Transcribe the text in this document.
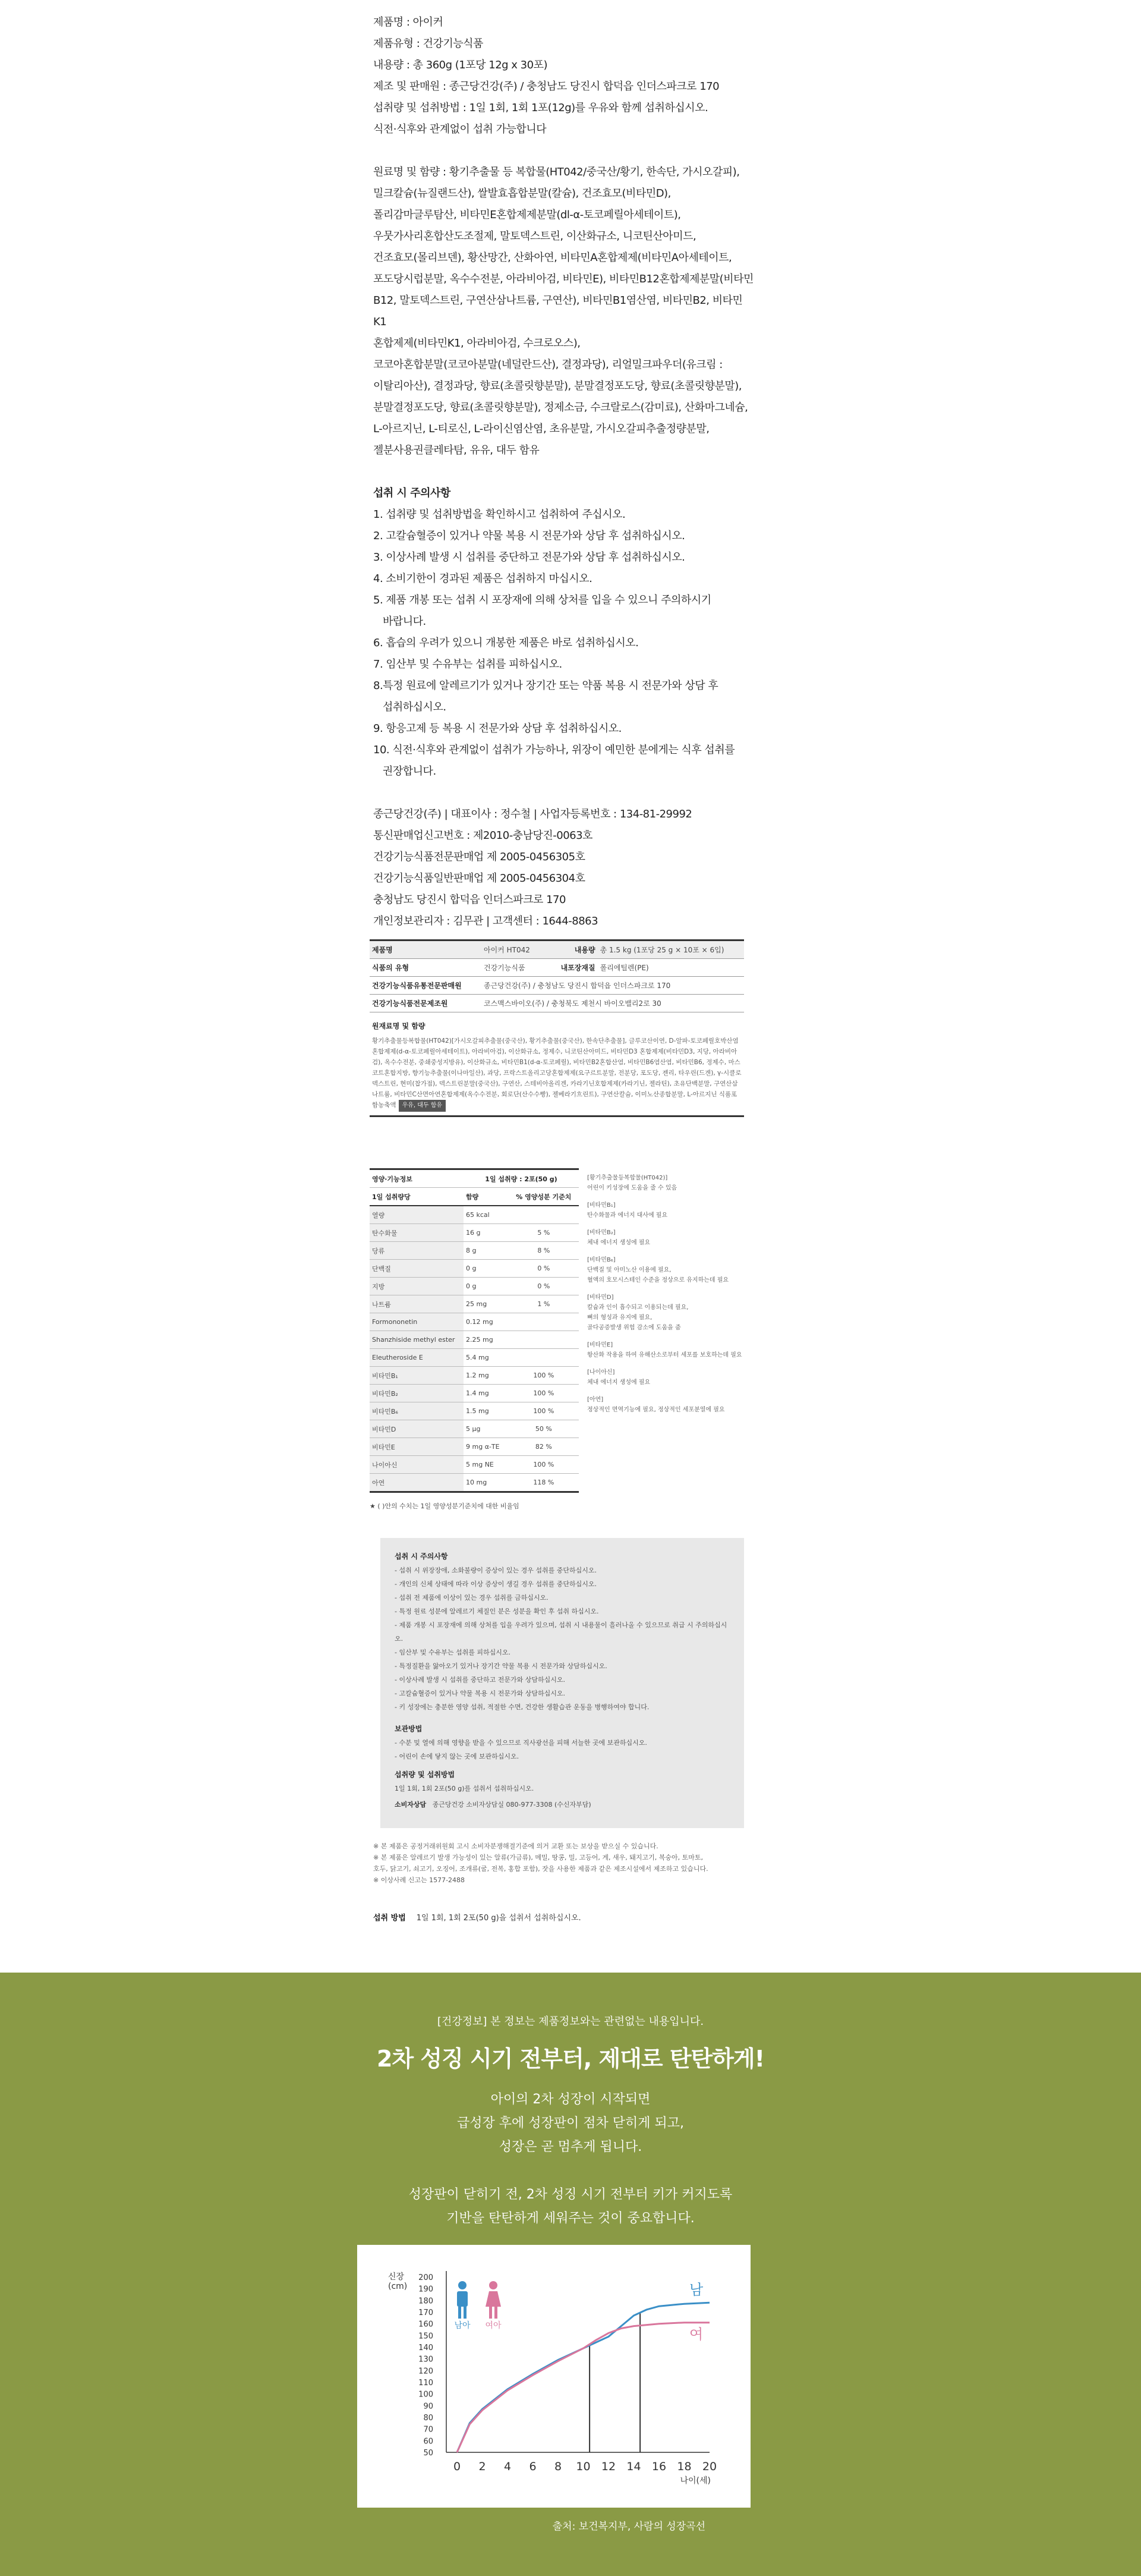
제품명 : 아이커

제품유형 : 건강기능식품

내용량 : 총 360g (1포당 12g x 30포)

제조 및 판매원 : 종근당건강(주) / 충청남도 당진시 합덕읍 인더스파크로 170

섭취량 및 섭취방법 : 1일 1회, 1회 1포(12g)를 우유와 함께 섭취하십시오.

식전·식후와 관계없이 섭취 가능합니다

원료명 및 함량 : 황기추출물 등 복합물(HT042/중국산/황기, 한속단, 가시오갈피),

밀크칼슘(뉴질랜드산), 쌀발효흡합분말(칼슘), 건조효모(비타민D),

폴리감마글루탐산, 비타민E혼합제제분말(dl-α-토코페릴아세테이트),

우뭇가사리혼합산도조절제, 말토덱스트린, 이산화규소, 니코틴산아미드,

건조효모(몰리브덴), 황산망간, 산화아연, 비타민A혼합제제(비타민A아세테이트,

포도당시럽분말, 옥수수전분, 아라비아검, 비타민E), 비타민B12혼합제제분말(비타민

B12, 말토덱스트린, 구연산삼나트륨, 구연산), 비타민B1염산염, 비타민B2, 비타민K1

혼합제제(비타민K1, 아라비아검, 수크로오스),

코코아혼합분말(코코아분말(네덜란드산), 결정과당), 리얼밀크파우더(유크림 :

이탈리아산), 결정과당, 향료(초콜릿향분말), 분말결정포도당, 향료(초콜릿향분말),

분말결정포도당, 향료(초콜릿향분말), 정제소금, 수크랄로스(감미료), 산화마그네슘,

L-아르지닌, L-티로신, L-라이신염산염, 초유분말, 가시오갈피추출정량분말,

젤분사용권클레타탐, 유유, 대두 함유

섭취 시 주의사항

1. 섭취량 및 섭취방법을 확인하시고 섭취하여 주십시오.

2. 고칼슘혈증이 있거나 약물 복용 시 전문가와 상담 후 섭취하십시오.

3. 이상사례 발생 시 섭취를 중단하고 전문가와 상담 후 섭취하십시오.

4. 소비기한이 경과된 제품은 섭취하지 마십시오.

5. 제품 개봉 또는 섭취 시 포장재에 의해 상처를 입을 수 있으니 주의하시기

바랍니다.

6. 흡습의 우려가 있으니 개봉한 제품은 바로 섭취하십시오.

7. 임산부 및 수유부는 섭취를 피하십시오.

8.특정 원료에 알레르기가 있거나 장기간 또는 약품 복용 시 전문가와 상담 후

섭취하십시오.

9. 항응고제 등 복용 시 전문가와 상담 후 섭취하십시오.

10. 식전·식후와 관계없이 섭취가 가능하나, 위장이 예민한 분에게는 식후 섭취를

권장합니다.

종근당건강(주) | 대표이사 : 정수철 | 사업자등록번호 : 134-81-29992

통신판매업신고번호 : 제2010-충남당진-0063호

건강기능식품전문판매업 제 2005-0456305호

건강기능식품일반판매업 제 2005-0456304호

충청남도 당진시 합덕읍 인더스파크로 170

개인정보관리자 : 김무관 | 고객센터 : 1644-8863

제품명	아이커 HT042	내용량	총 1.5 kg (1포당 25 g × 10포 × 6입)
식품의 유형	건강기능식품	내포장재질	폴리에틸렌(PE)
건강기능식품유통전문판매원	종근당건강(주) / 충청남도 당진시 합덕읍 인더스파크로 170		
건강기능식품전문제조원	코스맥스바이오(주) / 충청북도 제천시 바이오밸리2로 30		
원재료명 및 함량
황기추출물등복합물(HT042)[가시오갈피추출물(중국산), 황기추출물(중국산), 한속단추출물], 글루코산이연, D-알파-토코페릴호박산염혼합제제(d-α-토코페릴아세테이트), 아라비아검), 이산화규소, 정제수, 니코틴산아미드, 비타민D3 혼합제제(비타민D3, 지당, 아라비아검), 옥수수전분, 중쇄중성지방유), 이산화규소, 비타민B1(d-α-토코페릴), 비타민B2혼합산염, 비타민B6염산염, 비타민B6, 정제수, 마스코트혼합지방, 향기능추출물(이나마일산), 과당, 프락스트올리고당혼합제제(요구르트분말, 전분당, 포도당, 젠리, 타우린(드겐), γ-시클로덱스트린, 현미(찹가점), 덱스트린분말(중국산), 구연산, 스테비아올리겐, 카라기닌호합제제(카라기닌, 젤라틴), 초유단백분말, 구연산삼나트륨, 비타민C산면아연혼합제제(옥수수전분, 회로단(산수수빵), 젤베라기흐린트), 구연산칼슘, 이미노산종합분말, L-아르지닌 식품포함농축액 우유, 대두 함유
영양·기능정보	1일 섭취량 : 2포(50 g)	
1일 섭취량당	함량	% 영양성분 기준치
열량	65 kcal	
탄수화물	16 g	5 %
당류	8 g	8 %
단백질	0 g	0 %
지방	0 g	0 %
나트륨	25 mg	1 %
Formononetin	0.12 mg	
Shanzhiside methyl ester	2.25 mg	
Eleutheroside E	5.4 mg	
비타민B₁	1.2 mg	100 %
비타민B₂	1.4 mg	100 %
비타민B₆	1.5 mg	100 %
비타민D	5 μg	50 %
비타민E	9 mg α-TE	82 %
나이아신	5 mg NE	100 %
아연	10 mg	118 %
★ ( )안의 수치는 1일 영양성분기준치에 대한 비율임
[황기추출물등복합물(HT042)]
어린이 키성장에 도움을 줄 수 있음
[비타민B₁]
탄수화물과 에너지 대사에 필요
[비타민B₂]
체내 에너지 생성에 필요
[비타민B₆]
단백질 및 아미노산 이용에 필요,
혈액의 호모시스테인 수준을 정상으로 유지하는데 필요
[비타민D]
칼슘과 인이 흡수되고 이용되는데 필요,
뼈의 형성과 유지에 필요,
골다공증발생 위험 감소에 도움을 줌
[비타민E]
항산화 작용을 하여 유해산소로부터 세포를 보호하는데 필요
[나이아신]
체내 에너지 생성에 필요
[아연]
정상적인 면역기능에 필요, 정상적인 세포분열에 필요
섭취 시 주의사항
- 섭취 시 위장장애, 소화불량이 증상이 있는 경우 섭취를 중단하십시오.
- 개인의 신체 상태에 따라 이상 증상이 생길 경우 섭취를 중단하십시오.
- 섭취 전 제품에 이상이 있는 경우 섭취를 금하십시오.
- 특정 원료 성분에 알레르기 체질인 분은 성분을 확인 후 섭취 하십시오.
- 제품 개봉 시 포장재에 의해 상처를 입을 우려가 있으며, 섭취 시 내용물이 흘러나올 수 있으므로 취급 시 주의하십시오.
- 임산부 및 수유부는 섭취를 피하십시오.
- 특정질환을 앓아오기 있거나 장기간 약물 복용 시 전문가와 상담하십시오.
- 이상사례 발생 시 섭취를 중단하고 전문가와 상담하십시오.
- 고칼슘혈증이 있거나 약물 복용 시 전문가와 상담하십시오.
- 키 성장에는 충분한 영양 섭취, 적절한 수면, 건강한 생활습관 운동을 병행하여야 합니다.
보관방법
- 수분 및 열에 의해 영향을 받을 수 있으므로 직사광선을 피해 서늘한 곳에 보관하십시오.
- 어린이 손에 닿지 않는 곳에 보관하십시오.
섭취량 및 섭취방법
1일 1회, 1회 2포(50 g)를 섭취서 섭취하십시오.
소비자상담 종근당건강 소비자상담실 080-977-3308 (수신자부담)
※ 본 제품은 공정거래위원회 고시 소비자분쟁해결기준에 의거 교환 또는 보상을 받으실 수 있습니다.
※ 본 제품은 알레르기 발생 가능성이 있는 알류(가금류), 메밀, 땅콩, 밀, 고등어, 게, 새우, 돼지고기, 복숭아, 토마토,
호두, 닭고기, 쇠고기, 오징어, 조개류(굴, 전복, 홍합 포함), 잣을 사용한 제품과 같은 제조시설에서 제조하고 있습니다.
※ 이상사례 신고는 1577-2488
섭취 방법 1일 1회, 1회 2포(50 g)을 섭취서 섭취하십시오.
[건강정보] 본 정보는 제품정보와는 관련없는 내용입니다.
2차 성징 시기 전부터, 제대로 탄탄하게!
아이의 2차 성장이 시작되면
급성장 후에 성장판이 점차 닫히게 되고,
성장은 곧 멈추게 됩니다.
성장판이 닫히기 전, 2차 성징 시기 전부터 키가 커지도록
기반을 탄탄하게 세워주는 것이 중요합니다.
신장
(cm)
50
60
70
80
90
100
110
120
130
140
150
160
170
180
190
200
0 2 4 6 8 10 12 14 16 18 20
나이(세)
남
여
남아 여아
출처: 보건복지부, 사람의 성장곡선
